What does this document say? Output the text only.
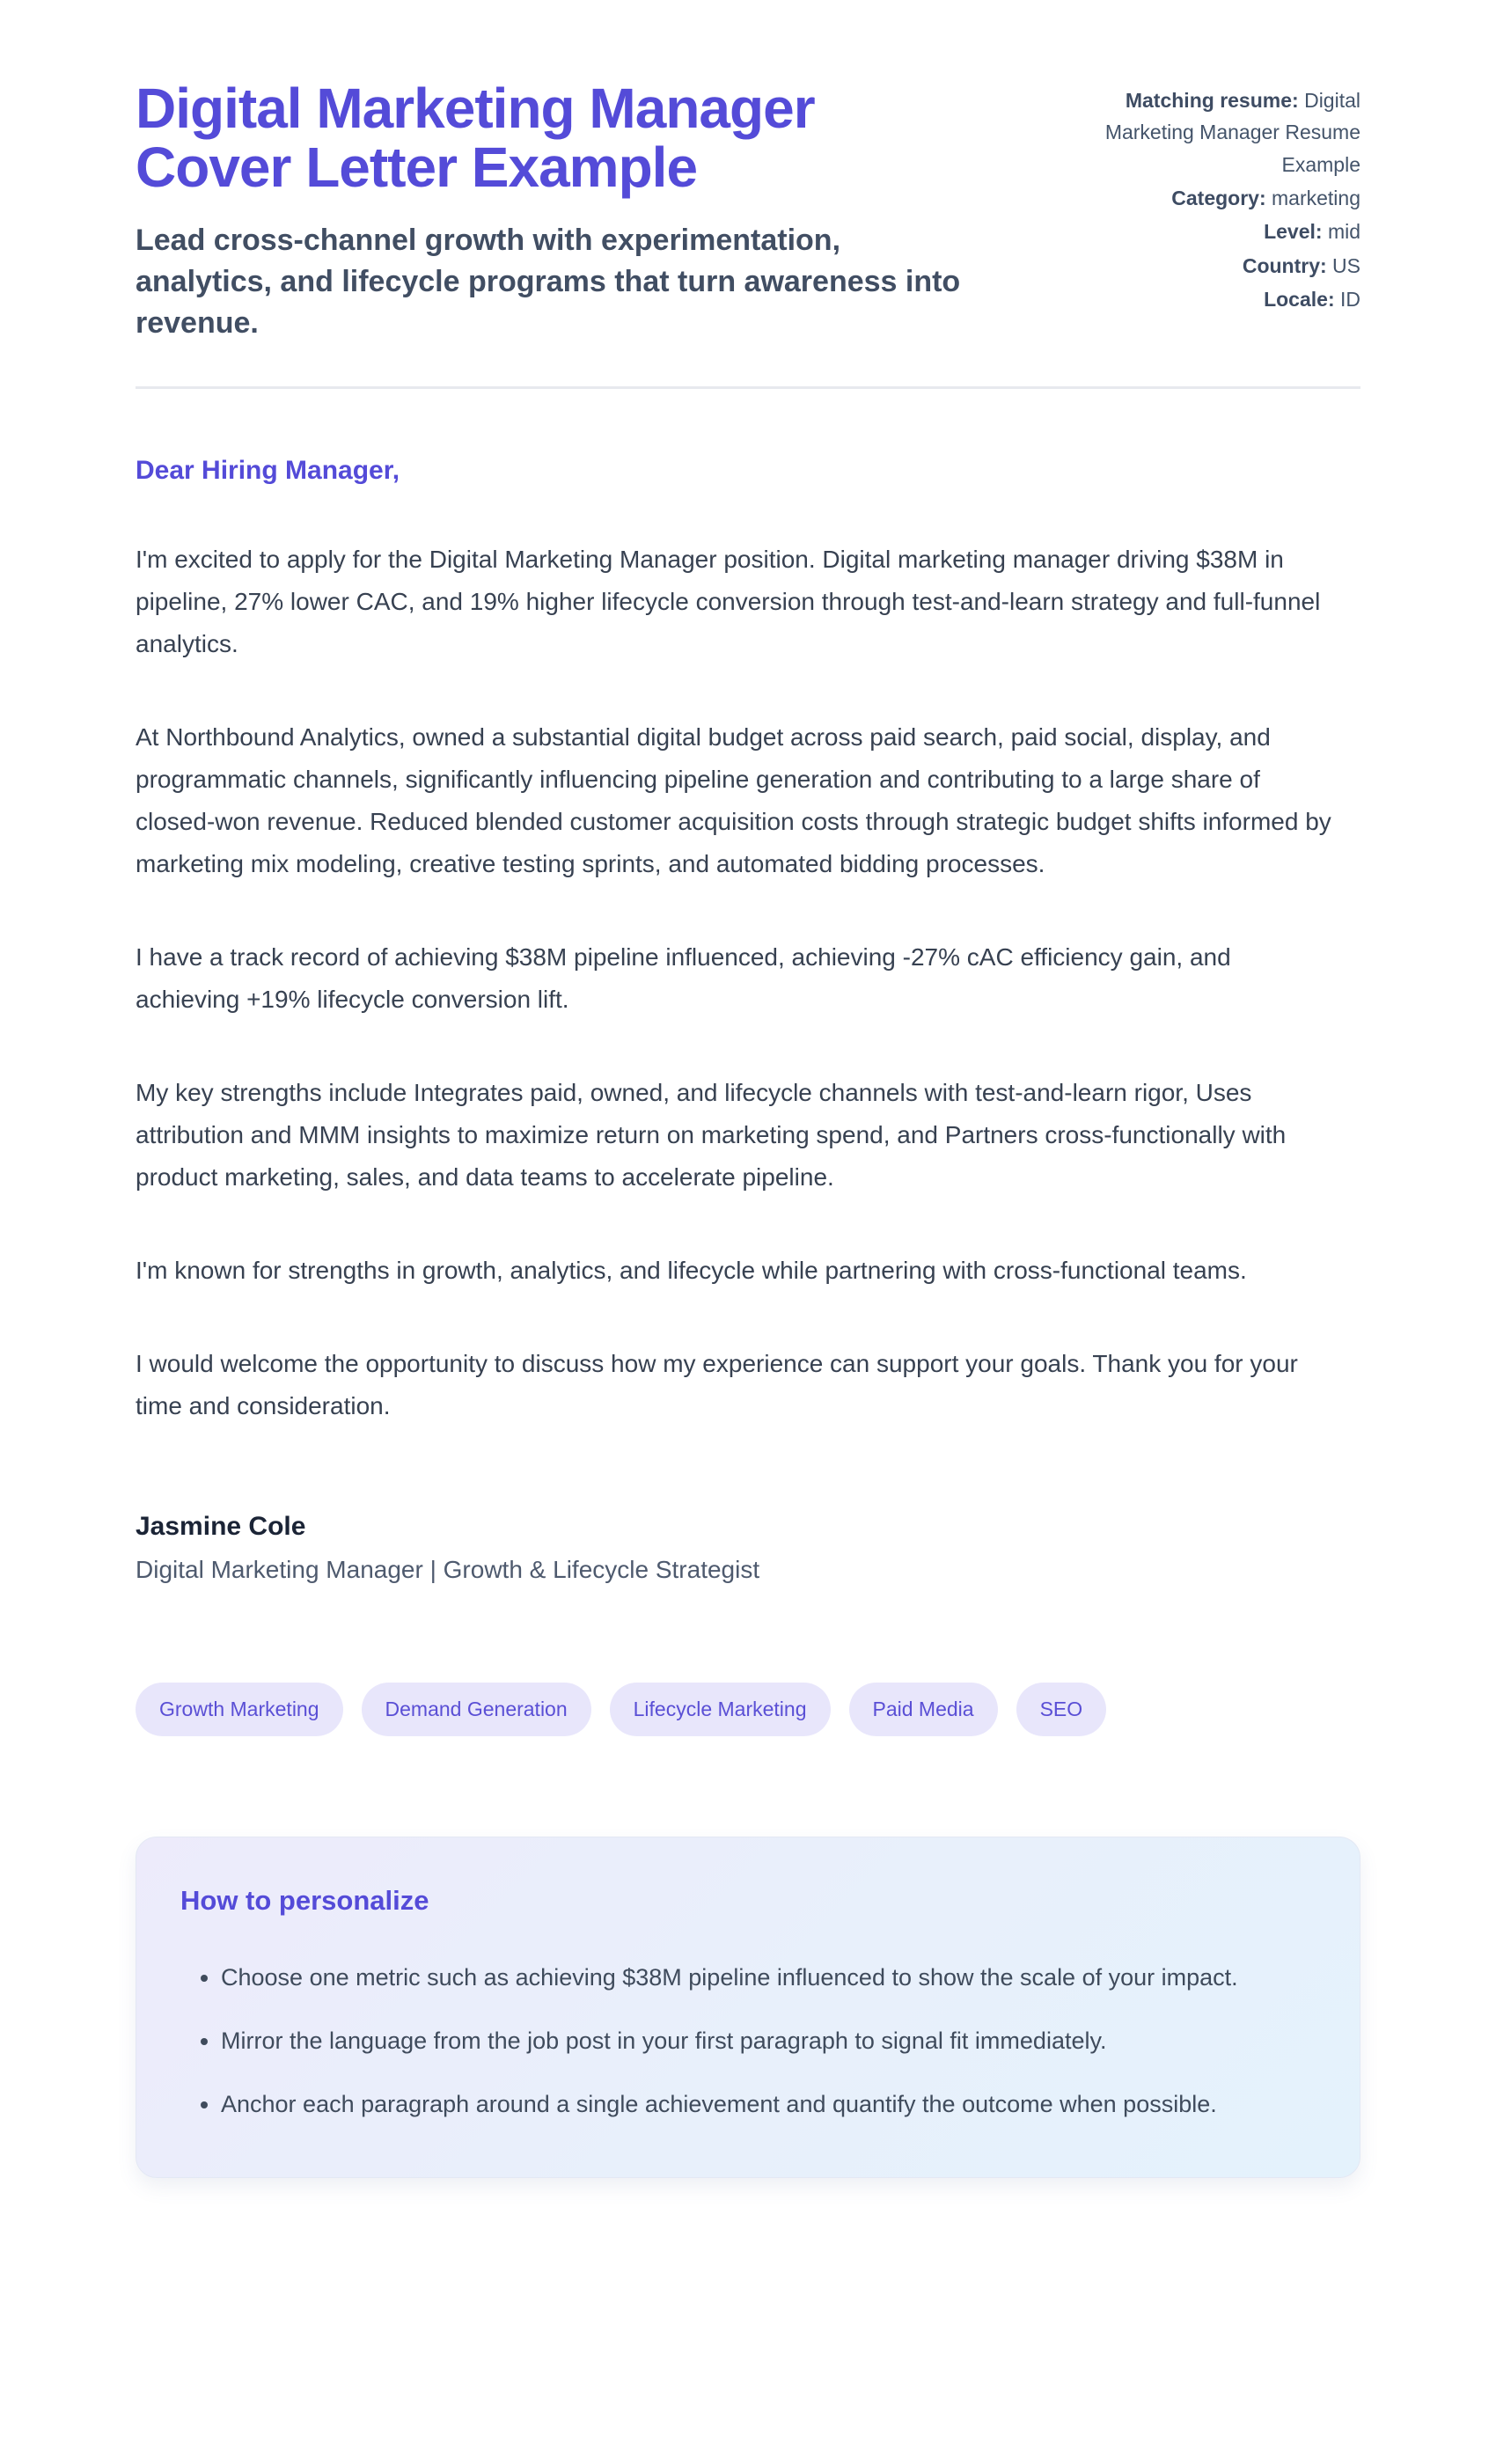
Digital Marketing Manager
Cover Letter Example
Lead cross-channel growth with experimentation, analytics, and lifecycle programs that turn awareness into revenue.
Matching resume: Digital Marketing Manager Resume Example
Category: marketing
Level: mid
Country: US
Locale: ID
Dear Hiring Manager,

I'm excited to apply for the Digital Marketing Manager position. Digital marketing manager driving $38M in pipeline, 27% lower CAC, and 19% higher lifecycle conversion through test-and-learn strategy and full-funnel analytics.

At Northbound Analytics, owned a substantial digital budget across paid search, paid social, display, and programmatic channels, significantly influencing pipeline generation and contributing to a large share of closed-won revenue. Reduced blended customer acquisition costs through strategic budget shifts informed by marketing mix modeling, creative testing sprints, and automated bidding processes.

I have a track record of achieving $38M pipeline influenced, achieving -27% cAC efficiency gain, and achieving +19% lifecycle conversion lift.

My key strengths include Integrates paid, owned, and lifecycle channels with test-and-learn rigor, Uses attribution and MMM insights to maximize return on marketing spend, and Partners cross-functionally with product marketing, sales, and data teams to accelerate pipeline.

I'm known for strengths in growth, analytics, and lifecycle while partnering with cross-functional teams.

I would welcome the opportunity to discuss how my experience can support your goals. Thank you for your time and consideration.

Jasmine Cole
Digital Marketing Manager | Growth & Lifecycle Strategist
Growth Marketing	Demand Generation	Lifecycle Marketing	Paid Media	SEO
How to personalize
• Choose one metric such as achieving $38M pipeline influenced to show the scale of your impact.
• Mirror the language from the job post in your first paragraph to signal fit immediately.
• Anchor each paragraph around a single achievement and quantify the outcome when possible.
